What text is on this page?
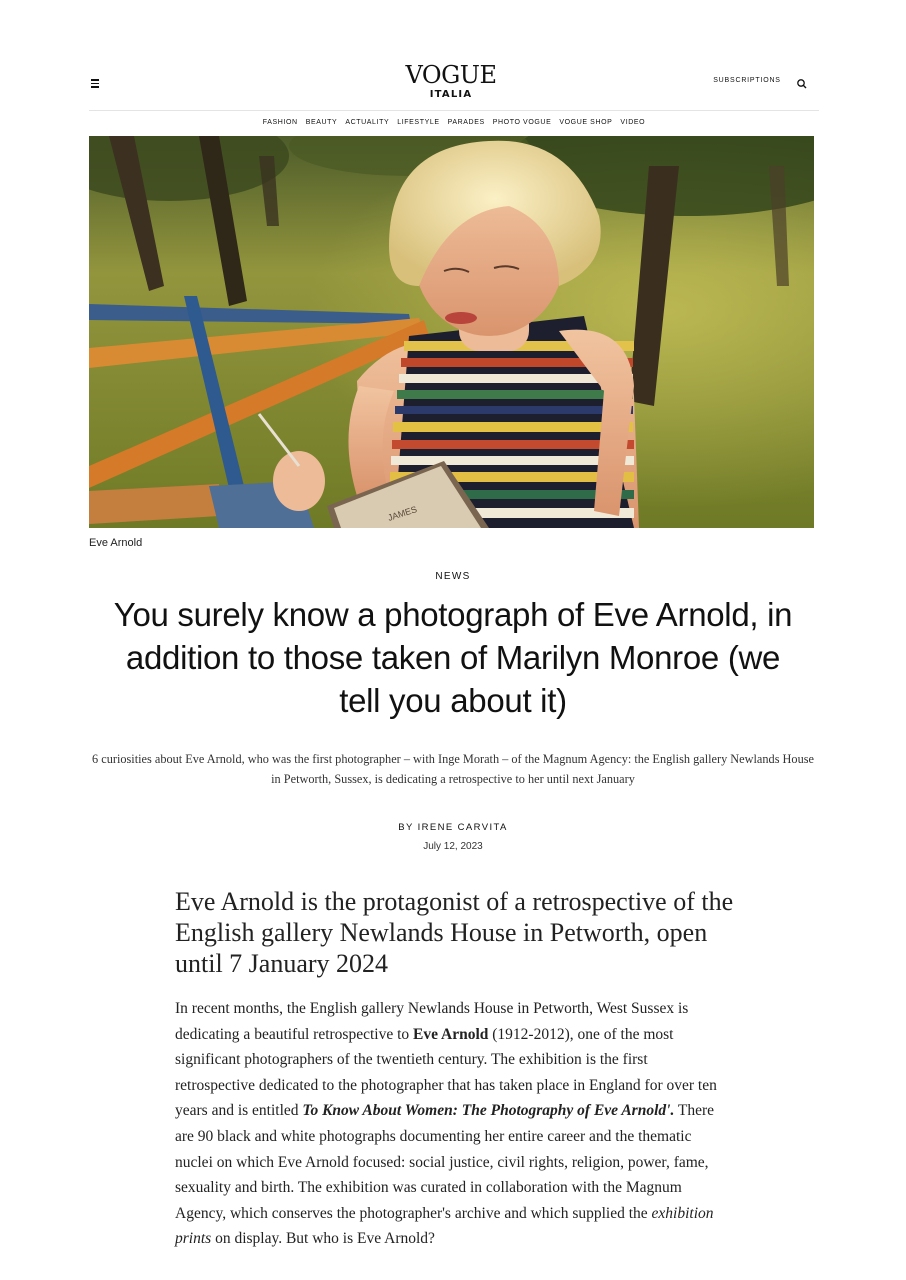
VOGUE
ITALIA
SUBSCRIPTIONS
FASHION BEAUTY ACTUALITY LIFESTYLE PARADES PHOTO VOGUE VOGUE SHOP VIDEO
JAMES
Eve Arnold
NEWS
You surely know a photograph of Eve Arnold, in addition to those taken of Marilyn Monroe (we tell you about it)
6 curiosities about Eve Arnold, who was the first photographer – with Inge Morath – of the Magnum Agency: the English gallery Newlands House in Petworth, Sussex, is dedicating a retrospective to her until next January
BY IRENE CARVITA
July 12, 2023
Eve Arnold is the protagonist of a retrospective of the English gallery Newlands House in Petworth, open until 7 January 2024

In recent months, the English gallery Newlands House in Petworth, West Sussex is dedicating a beautiful retrospective to Eve Arnold (1912-2012), one of the most significant photographers of the twentieth century. The exhibition is the first retrospective dedicated to the photographer that has taken place in England for over ten years and is entitled To Know About Women: The Photography of Eve Arnold'. There are 90 black and white photographs documenting her entire career and the thematic nuclei on which Eve Arnold focused: social justice, civil rights, religion, power, fame, sexuality and birth. The exhibition was curated in collaboration with the Magnum Agency, which conserves the photographer's archive and which supplied the exhibition prints on display. But who is Eve Arnold?
